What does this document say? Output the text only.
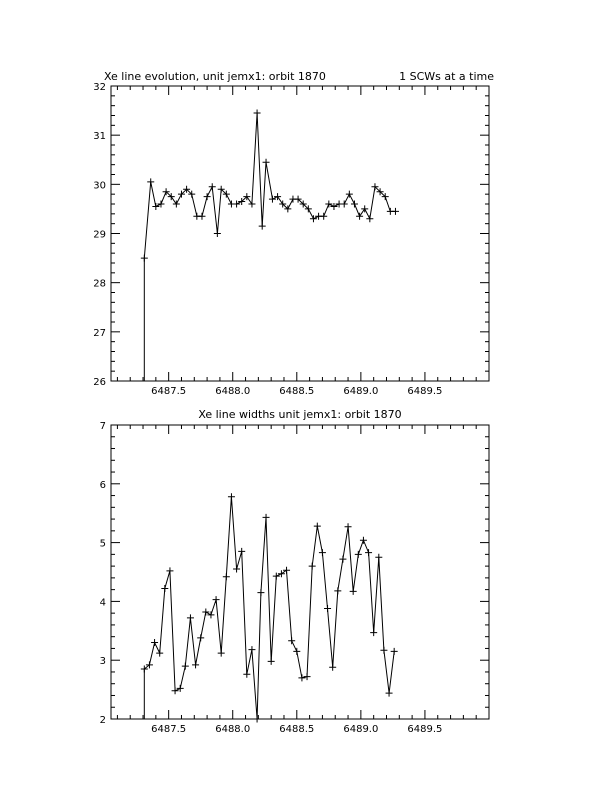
Xe line evolution, unit jemx1: orbit 1870	1 SCWs at a time
6487.5	6488.0	6488.5	6489.0	6489.5
26
27
28
29
30
31
32
Xe line widths unit jemx1: orbit 1870
6487.5	6488.0	6488.5	6489.0	6489.5
2
3
4
5
6
7
